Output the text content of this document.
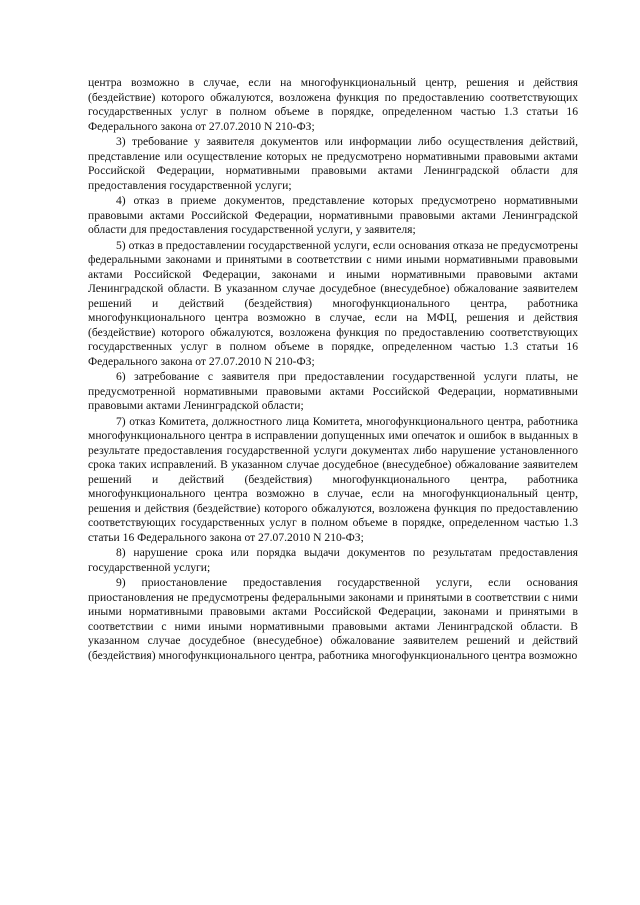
центра возможно в случае, если на многофункциональный центр, решения и действия (бездействие) которого обжалуются, возложена функция по предоставлению соответствующих государственных услуг в полном объеме в порядке, определенном частью 1.3 статьи 16 Федерального закона от 27.07.2010 N 210-ФЗ;

3) требование у заявителя документов или информации либо осуществления действий, представление или осуществление которых не предусмотрено нормативными правовыми актами Российской Федерации, нормативными правовыми актами Ленинградской области для предоставления государственной услуги;

4) отказ в приеме документов, представление которых предусмотрено нормативными правовыми актами Российской Федерации, нормативными правовыми актами Ленинградской области для предоставления государственной услуги, у заявителя;

5) отказ в предоставлении государственной услуги, если основания отказа не предусмотрены федеральными законами и принятыми в соответствии с ними иными нормативными правовыми актами Российской Федерации, законами и иными нормативными правовыми актами Ленинградской области. В указанном случае досудебное (внесудебное) обжалование заявителем решений и действий (бездействия) многофункционального центра, работника многофункционального центра возможно в случае, если на МФЦ, решения и действия (бездействие) которого обжалуются, возложена функция по предоставлению соответствующих государственных услуг в полном объеме в порядке, определенном частью 1.3 статьи 16 Федерального закона от 27.07.2010 N 210-ФЗ;

6) затребование с заявителя при предоставлении государственной услуги платы, не предусмотренной нормативными правовыми актами Российской Федерации, нормативными правовыми актами Ленинградской области;

7) отказ Комитета, должностного лица Комитета, многофункционального центра, работника многофункционального центра в исправлении допущенных ими опечаток и ошибок в выданных в результате предоставления государственной услуги документах либо нарушение установленного срока таких исправлений. В указанном случае досудебное (внесудебное) обжалование заявителем решений и действий (бездействия) многофункционального центра, работника многофункционального центра возможно в случае, если на многофункциональный центр, решения и действия (бездействие) которого обжалуются, возложена функция по предоставлению соответствующих государственных услуг в полном объеме в порядке, определенном частью 1.3 статьи 16 Федерального закона от 27.07.2010 N 210-ФЗ;

8) нарушение срока или порядка выдачи документов по результатам предоставления государственной услуги;

9) приостановление предоставления государственной услуги, если основания приостановления не предусмотрены федеральными законами и принятыми в соответствии с ними иными нормативными правовыми актами Российской Федерации, законами и принятыми в соответствии с ними иными нормативными правовыми актами Ленинградской области. В указанном случае досудебное (внесудебное) обжалование заявителем решений и действий (бездействия) многофункционального центра, работника многофункционального центра возможно
